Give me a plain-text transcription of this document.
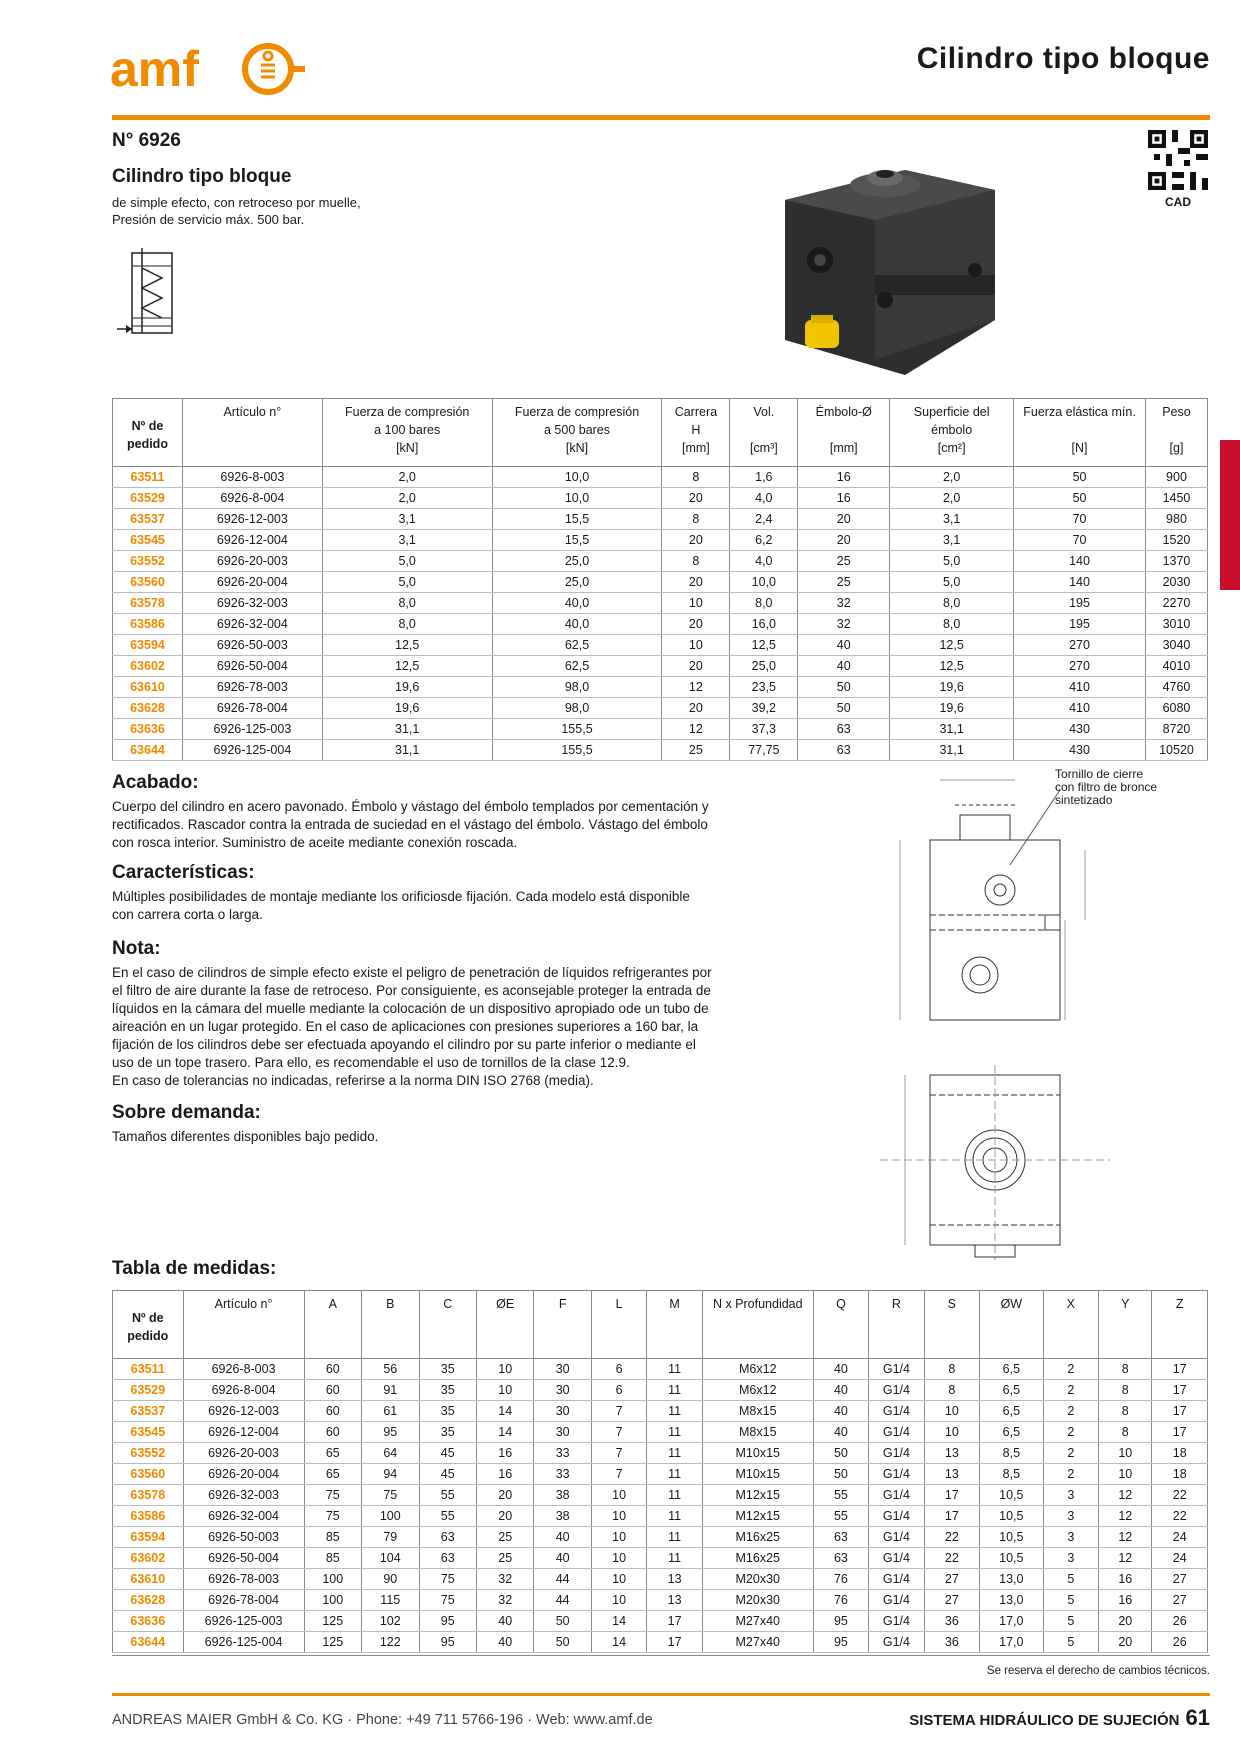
amf	Cilindro tipo bloque
N° 6926
Cilindro tipo bloque
de simple efecto, con retroceso por muelle,
Presión de servicio máx. 500 bar.
CAD
Nº de
pedido	Artículo n°	Fuerza de compresión
a 100 bares
[kN]	Fuerza de compresión
a 500 bares
[kN]	Carrera
H
[mm]	Vol.

[cm³]	Émbolo-Ø

[mm]	Superficie del
émbolo
[cm²]	Fuerza elástica mín.

[N]	Peso

[g]
63511	6926-8-003	2,0	10,0	8	1,6	16	2,0	50	900
63529	6926-8-004	2,0	10,0	20	4,0	16	2,0	50	1450
63537	6926-12-003	3,1	15,5	8	2,4	20	3,1	70	980
63545	6926-12-004	3,1	15,5	20	6,2	20	3,1	70	1520
63552	6926-20-003	5,0	25,0	8	4,0	25	5,0	140	1370
63560	6926-20-004	5,0	25,0	20	10,0	25	5,0	140	2030
63578	6926-32-003	8,0	40,0	10	8,0	32	8,0	195	2270
63586	6926-32-004	8,0	40,0	20	16,0	32	8,0	195	3010
63594	6926-50-003	12,5	62,5	10	12,5	40	12,5	270	3040
63602	6926-50-004	12,5	62,5	20	25,0	40	12,5	270	4010
63610	6926-78-003	19,6	98,0	12	23,5	50	19,6	410	4760
63628	6926-78-004	19,6	98,0	20	39,2	50	19,6	410	6080
63636	6926-125-003	31,1	155,5	12	37,3	63	31,1	430	8720
63644	6926-125-004	31,1	155,5	25	77,75	63	31,1	430	10520
Acabado:
Cuerpo del cilindro en acero pavonado. Émbolo y vástago del émbolo templados por cementación y
rectificados. Rascador contra la entrada de suciedad en el vástago del émbolo. Vástago del émbolo
con rosca interior. Suministro de aceite mediante conexión roscada.
Características:
Múltiples posibilidades de montaje mediante los orificiosde fijación. Cada modelo está disponible
con carrera corta o larga.
Nota:
En el caso de cilindros de simple efecto existe el peligro de penetración de líquidos refrigerantes por
el filtro de aire durante la fase de retroceso. Por consiguiente, es aconsejable proteger la entrada de
líquidos en la cámara del muelle mediante la colocación de un dispositivo apropiado ode un tubo de
aireación en un lugar protegido. En el caso de aplicaciones con presiones superiores a 160 bar, la
fijación de los cilindros debe ser efectuada apoyando el cilindro por su parte inferior o mediante el
uso de un tope trasero. Para ello, es recomendable el uso de tornillos de la clase 12.9.
En caso de tolerancias no indicadas, referirse a la norma DIN ISO 2768 (media).
Sobre demanda:
Tamaños diferentes disponibles bajo pedido.
Tabla de medidas:
Tornillo de cierre
con filtro de bronce
sintetizado
Nº de
pedido	Artículo n°	A	B	C	ØE	F	L	M	N x Profundidad	Q	R	S	ØW	X	Y	Z
63511	6926-8-003	60	56	35	10	30	6	11	M6x12	40	G1/4	8	6,5	2	8	17
63529	6926-8-004	60	91	35	10	30	6	11	M6x12	40	G1/4	8	6,5	2	8	17
63537	6926-12-003	60	61	35	14	30	7	11	M8x15	40	G1/4	10	6,5	2	8	17
63545	6926-12-004	60	95	35	14	30	7	11	M8x15	40	G1/4	10	6,5	2	8	17
63552	6926-20-003	65	64	45	16	33	7	11	M10x15	50	G1/4	13	8,5	2	10	18
63560	6926-20-004	65	94	45	16	33	7	11	M10x15	50	G1/4	13	8,5	2	10	18
63578	6926-32-003	75	75	55	20	38	10	11	M12x15	55	G1/4	17	10,5	3	12	22
63586	6926-32-004	75	100	55	20	38	10	11	M12x15	55	G1/4	17	10,5	3	12	22
63594	6926-50-003	85	79	63	25	40	10	11	M16x25	63	G1/4	22	10,5	3	12	24
63602	6926-50-004	85	104	63	25	40	10	11	M16x25	63	G1/4	22	10,5	3	12	24
63610	6926-78-003	100	90	75	32	44	10	13	M20x30	76	G1/4	27	13,0	5	16	27
63628	6926-78-004	100	115	75	32	44	10	13	M20x30	76	G1/4	27	13,0	5	16	27
63636	6926-125-003	125	102	95	40	50	14	17	M27x40	95	G1/4	36	17,0	5	20	26
63644	6926-125-004	125	122	95	40	50	14	17	M27x40	95	G1/4	36	17,0	5	20	26
Se reserva el derecho de cambios técnicos.
ANDREAS MAIER GmbH & Co. KG · Phone: +49 711 5766-196 · Web: www.amf.de	SISTEMA HIDRÁULICO DE SUJECIÓN 61
